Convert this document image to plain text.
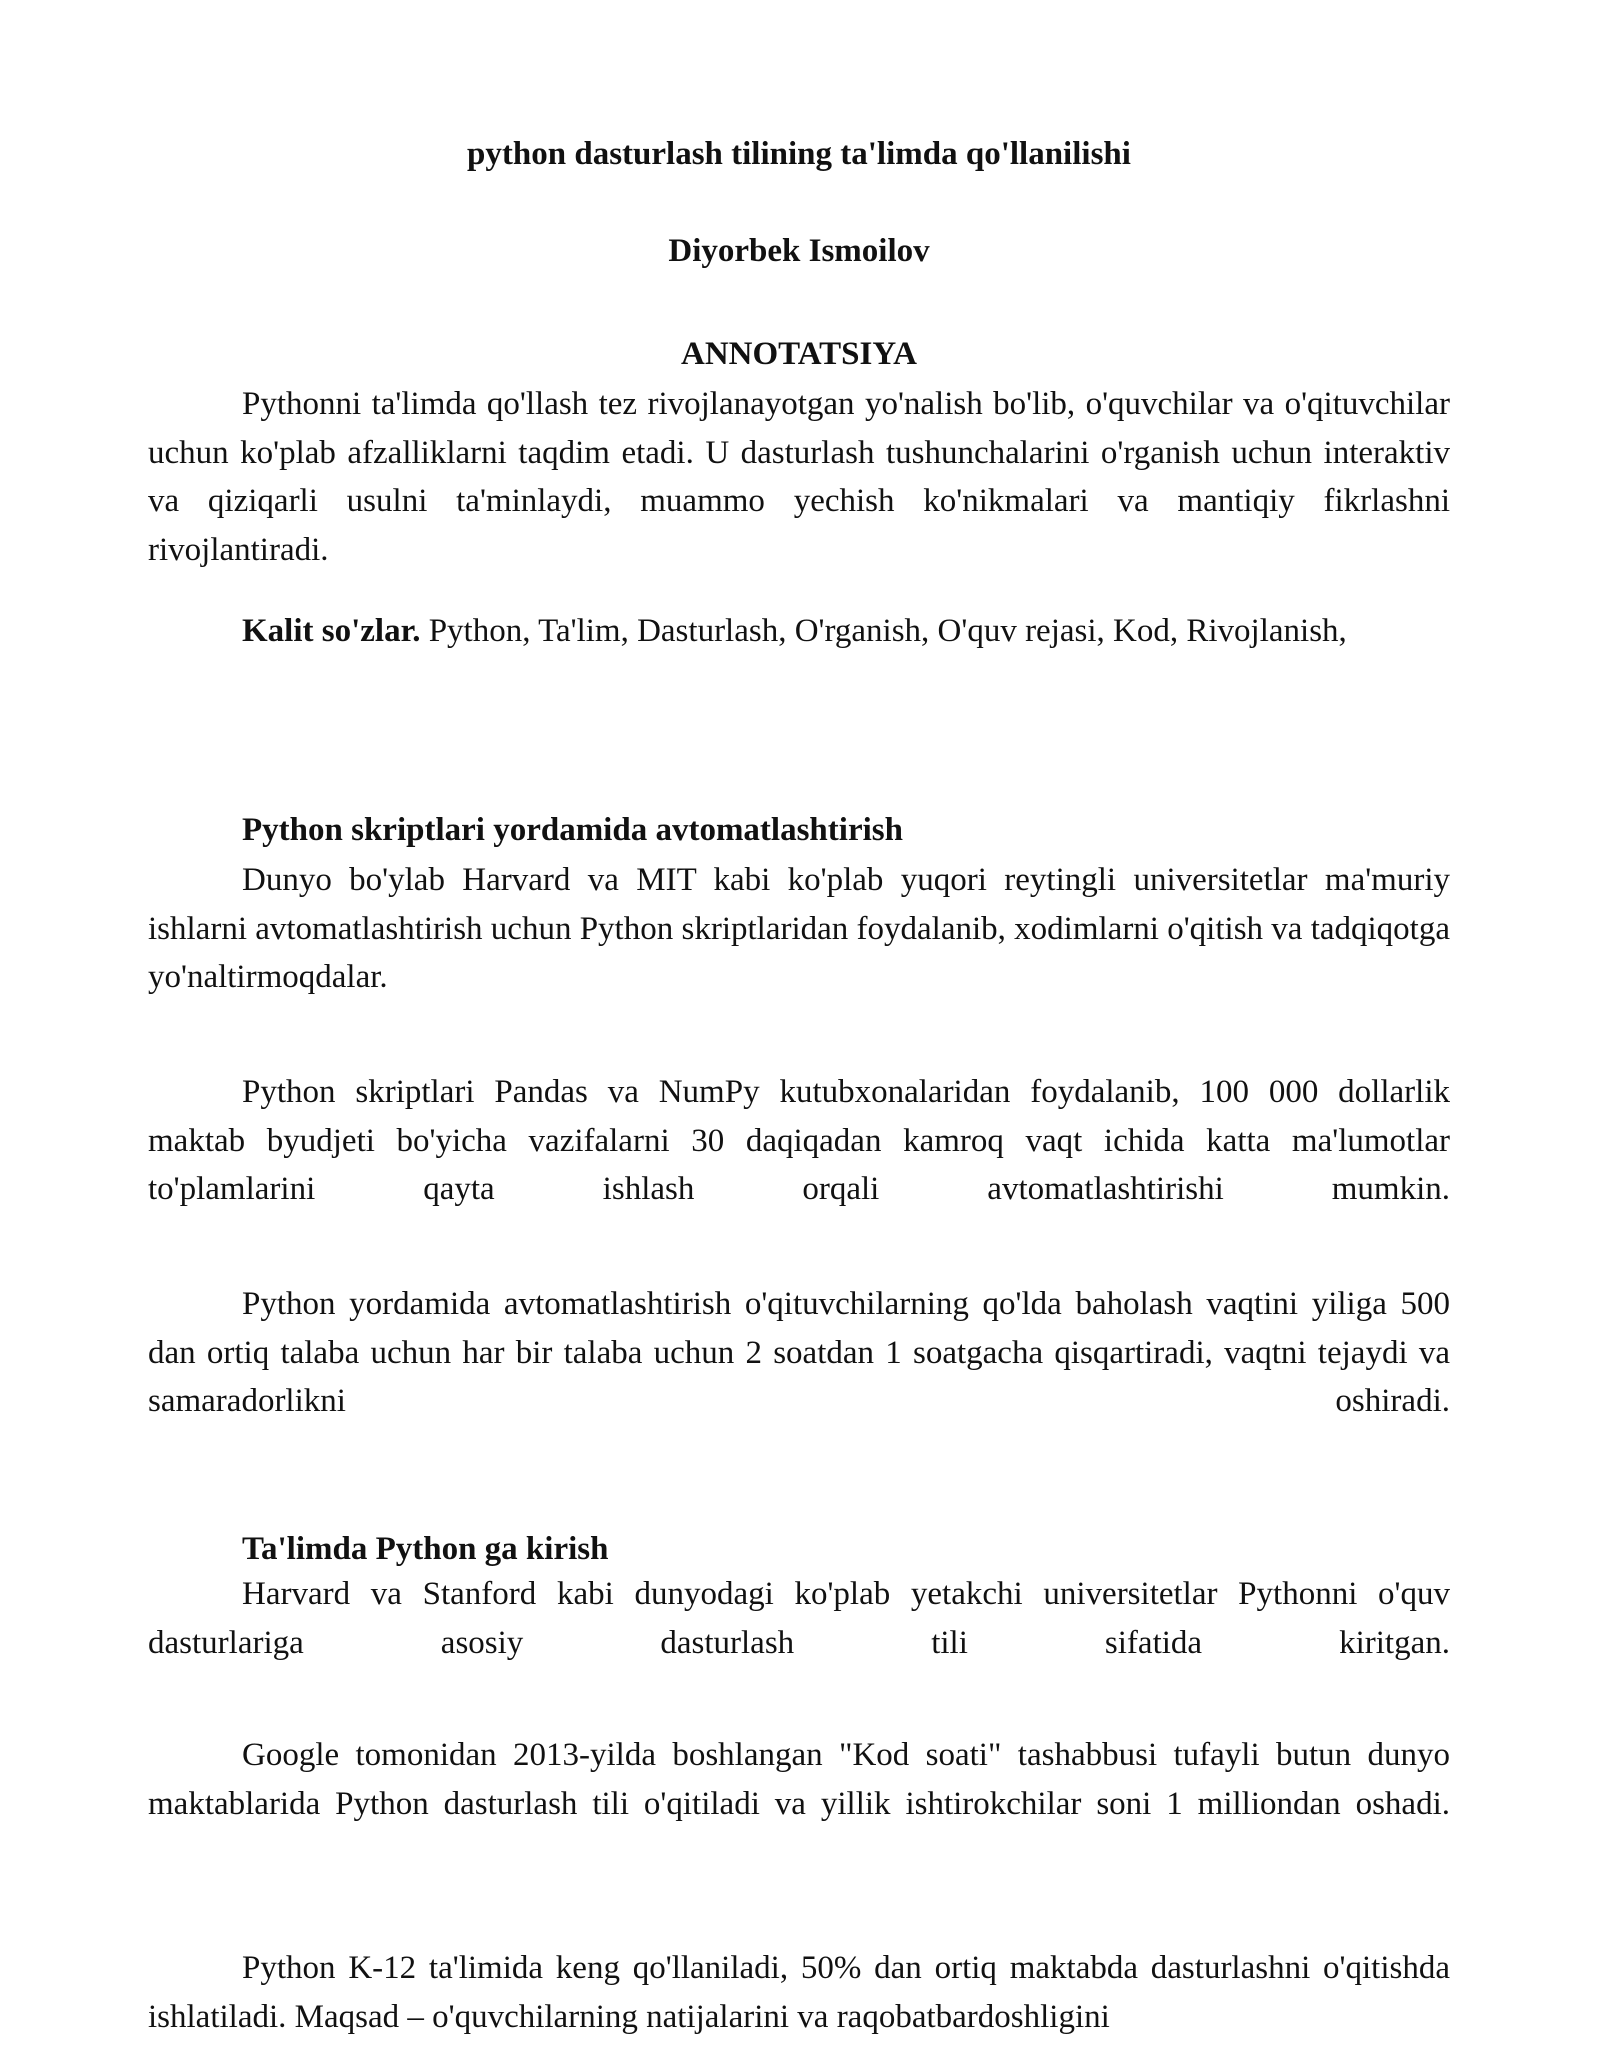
python dasturlash tilining ta'limda qo'llanilishi
Diyorbek Ismoilov
ANNOTATSIYA
Pythonni ta'limda qo'llash tez rivojlanayotgan yo'nalish bo'lib, o'quvchilar va o'qituvchilar uchun ko'plab afzalliklarni taqdim etadi. U dasturlash tushunchalarini o'rganish uchun interaktiv va qiziqarli usulni ta'minlaydi, muammo yechish ko'nikmalari va mantiqiy fikrlashni rivojlantiradi.
Kalit so'zlar. Python, Ta'lim, Dasturlash, O'rganish, O'quv rejasi, Kod, Rivojlanish,
Python skriptlari yordamida avtomatlashtirish
Dunyo bo'ylab Harvard va MIT kabi ko'plab yuqori reytingli universitetlar ma'muriy ishlarni avtomatlashtirish uchun Python skriptlaridan foydalanib, xodimlarni o'qitish va tadqiqotga yo'naltirmoqdalar.
Python skriptlari Pandas va NumPy kutubxonalaridan foydalanib, 100 000 dollarlik maktab byudjeti bo'yicha vazifalarni 30 daqiqadan kamroq vaqt ichida katta ma'lumotlar to'plamlarini qayta ishlash orqali avtomatlashtirishi mumkin.
Python yordamida avtomatlashtirish o'qituvchilarning qo'lda baholash vaqtini yiliga 500 dan ortiq talaba uchun har bir talaba uchun 2 soatdan 1 soatgacha qisqartiradi, vaqtni tejaydi va samaradorlikni oshiradi.
Ta'limda Python ga kirish
Harvard va Stanford kabi dunyodagi ko'plab yetakchi universitetlar Pythonni o'quv dasturlariga asosiy dasturlash tili sifatida kiritgan.
Google tomonidan 2013-yilda boshlangan "Kod soati" tashabbusi tufayli butun dunyo maktablarida Python dasturlash tili o'qitiladi va yillik ishtirokchilar soni 1 milliondan oshadi.
Python K-12 ta'limida keng qo'llaniladi, 50% dan ortiq maktabda dasturlashni o'qitishda ishlatiladi. Maqsad – o'quvchilarning natijalarini va raqobatbardoshligini
